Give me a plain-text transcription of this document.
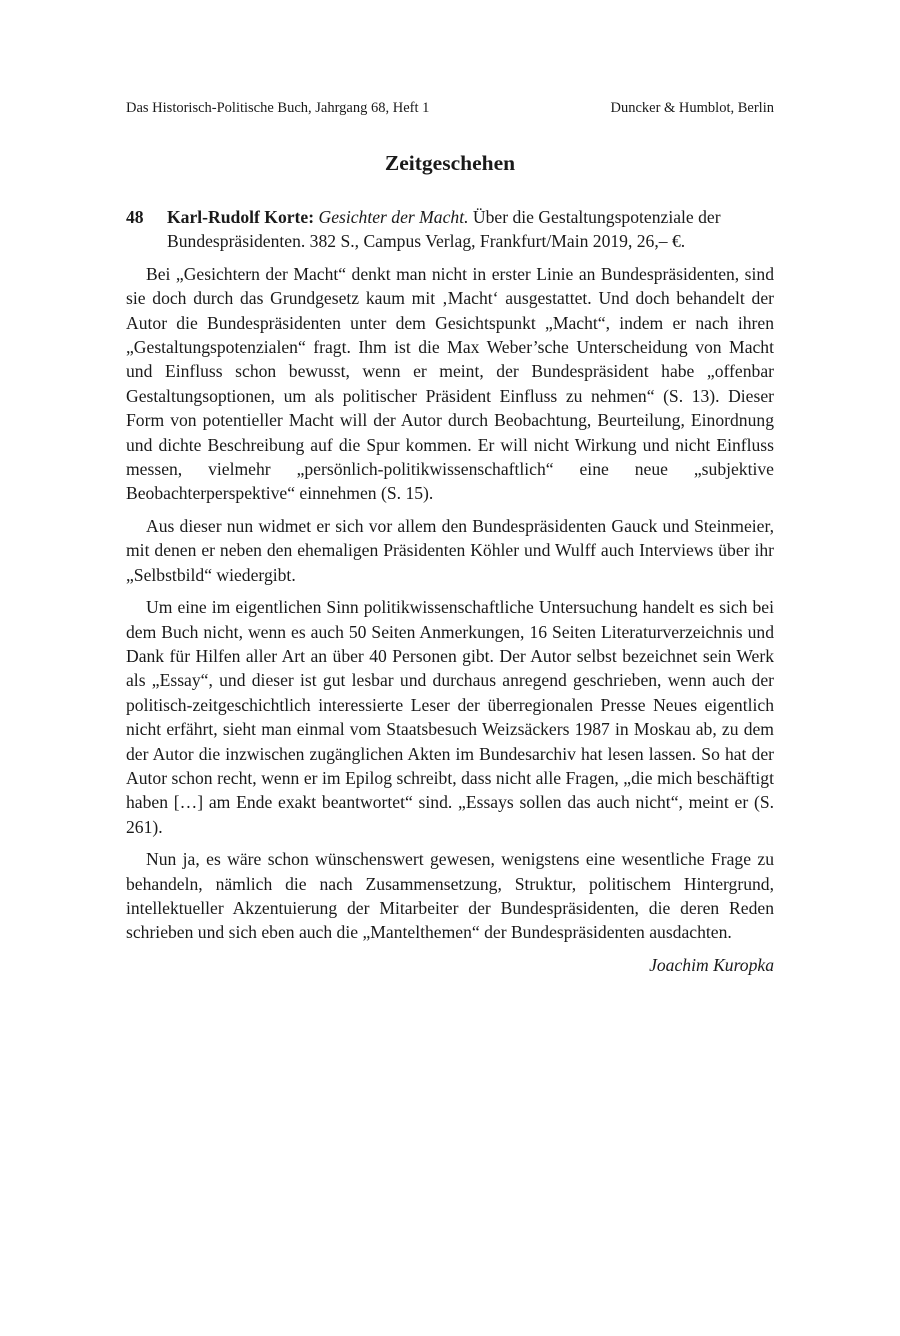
Das Historisch-Politische Buch, Jahrgang 68, Heft 1	Duncker & Humblot, Berlin
Zeitgeschehen

48 Karl-Rudolf Korte: Gesichter der Macht. Über die Gestaltungspotenziale der Bundespräsidenten. 382 S., Campus Verlag, Frankfurt/Main 2019, 26,– €.

Bei „Gesichtern der Macht“ denkt man nicht in erster Linie an Bundespräsidenten, sind sie doch durch das Grundgesetz kaum mit ‚Macht‘ ausgestattet. Und doch behandelt der Autor die Bundespräsidenten unter dem Gesichtspunkt „Macht“, indem er nach ihren „Gestaltungspotenzialen“ fragt. Ihm ist die Max Weber’sche Unterscheidung von Macht und Einfluss schon bewusst, wenn er meint, der Bundespräsident habe „offenbar Gestaltungsoptionen, um als politischer Präsident Einfluss zu nehmen“ (S. 13). Dieser Form von potentieller Macht will der Autor durch Beobachtung, Beurteilung, Einordnung und dichte Beschreibung auf die Spur kommen. Er will nicht Wirkung und nicht Einfluss messen, vielmehr „persönlich-politikwissenschaftlich“ eine neue „subjektive Beobachterperspektive“ einnehmen (S. 15).

Aus dieser nun widmet er sich vor allem den Bundespräsidenten Gauck und Steinmeier, mit denen er neben den ehemaligen Präsidenten Köhler und Wulff auch Interviews über ihr „Selbstbild“ wiedergibt.

Um eine im eigentlichen Sinn politikwissenschaftliche Untersuchung handelt es sich bei dem Buch nicht, wenn es auch 50 Seiten Anmerkungen, 16 Seiten Literaturverzeichnis und Dank für Hilfen aller Art an über 40 Personen gibt. Der Autor selbst bezeichnet sein Werk als „Essay“, und dieser ist gut lesbar und durchaus anregend geschrieben, wenn auch der politisch-zeitgeschichtlich interessierte Leser der überregionalen Presse Neues eigentlich nicht erfährt, sieht man einmal vom Staatsbesuch Weizsäckers 1987 in Moskau ab, zu dem der Autor die inzwischen zugänglichen Akten im Bundesarchiv hat lesen lassen. So hat der Autor schon recht, wenn er im Epilog schreibt, dass nicht alle Fragen, „die mich beschäftigt haben […] am Ende exakt beantwortet“ sind. „Essays sollen das auch nicht“, meint er (S. 261).

Nun ja, es wäre schon wünschenswert gewesen, wenigstens eine wesentliche Frage zu behandeln, nämlich die nach Zusammensetzung, Struktur, politischem Hintergrund, intellektueller Akzentuierung der Mitarbeiter der Bundespräsidenten, die deren Reden schrieben und sich eben auch die „Mantelthemen“ der Bundespräsidenten ausdachten.

Joachim Kuropka
